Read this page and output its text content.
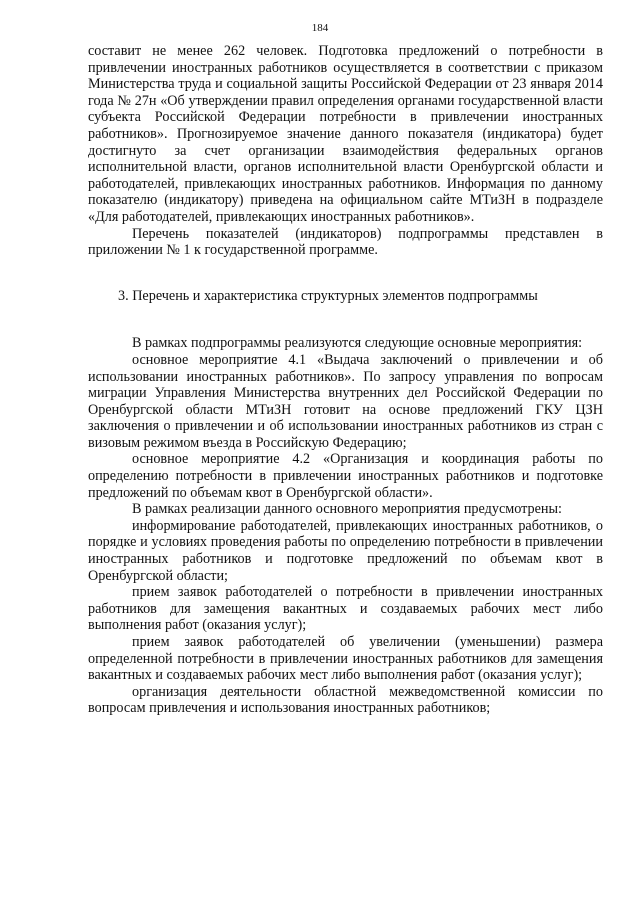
184

составит не менее 262 человек. Подготовка предложений о потребности в привлечении иностранных работников осуществляется в соответствии с приказом Министерства труда и социальной защиты Российской Федерации от 23 января 2014 года № 27н «Об утверждении правил определения органами государственной власти субъекта Российской Федерации потребности в привлечении иностранных работников». Прогнозируемое значение данного показателя (индикатора) будет достигнуто за счет организации взаимодействия федеральных органов исполнительной власти, органов исполнительной власти Оренбургской области и работодателей, привлекающих иностранных работников. Информация по данному показателю (индикатору) приведена на официальном сайте МТиЗН в подразделе «Для работодателей, привлекающих иностранных работников».

Перечень показателей (индикаторов) подпрограммы представлен в приложении № 1 к государственной программе.

3. Перечень и характеристика структурных элементов подпрограммы

В рамках подпрограммы реализуются следующие основные мероприятия:

основное мероприятие 4.1 «Выдача заключений о привлечении и об использовании иностранных работников». По запросу управления по вопросам миграции Управления Министерства внутренних дел Российской Федерации по Оренбургской области МТиЗН готовит на основе предложений ГКУ ЦЗН заключения о привлечении и об использовании иностранных работников из стран с визовым режимом въезда в Российскую Федерацию;

основное мероприятие 4.2 «Организация и координация работы по определению потребности в привлечении иностранных работников и подготовке предложений по объемам квот в Оренбургской области».

В рамках реализации данного основного мероприятия предусмотрены:

информирование работодателей, привлекающих иностранных работников, о порядке и условиях проведения работы по определению потребности в привлечении иностранных работников и подготовке предложений по объемам квот в Оренбургской области;

прием заявок работодателей о потребности в привлечении иностранных работников для замещения вакантных и создаваемых рабочих мест либо выполнения работ (оказания услуг);

прием заявок работодателей об увеличении (уменьшении) размера определенной потребности в привлечении иностранных работников для замещения вакантных и создаваемых рабочих мест либо выполнения работ (оказания услуг);

организация деятельности областной межведомственной комиссии по вопросам привлечения и использования иностранных работников;
